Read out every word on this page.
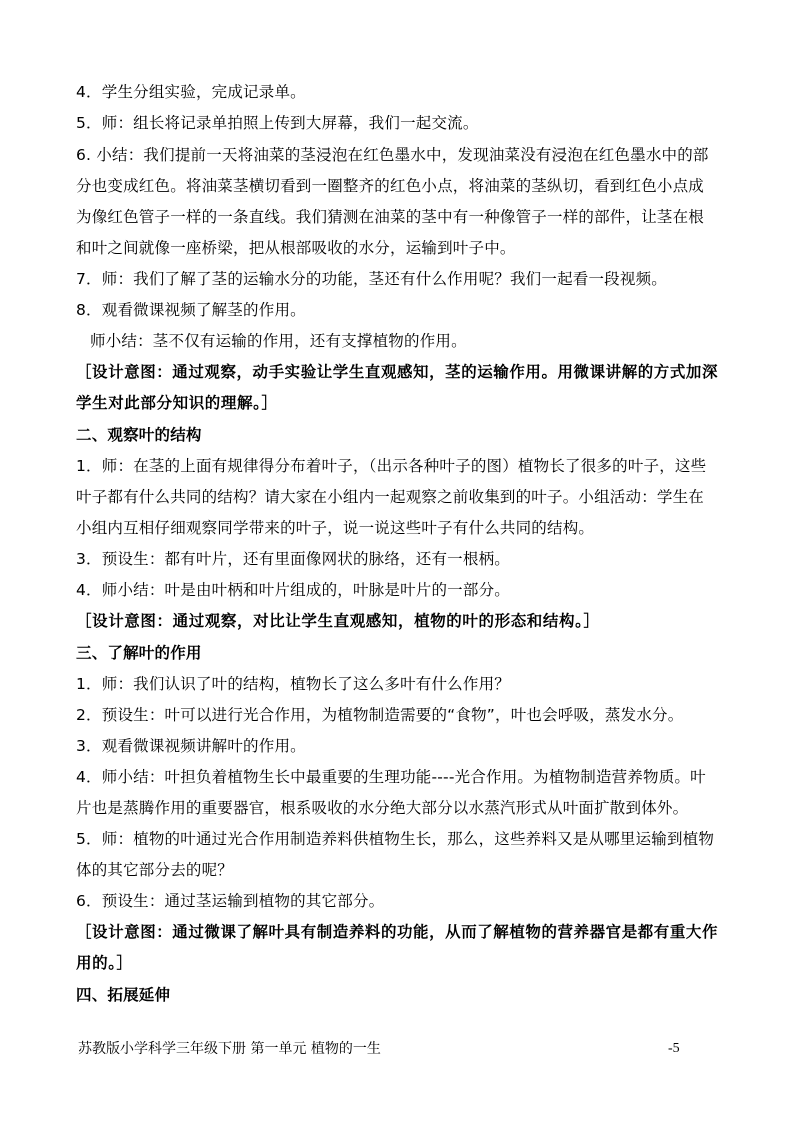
4．学生分组实验，完成记录单。
5．师：组长将记录单拍照上传到大屏幕，我们一起交流。
6. 小结：我们提前一天将油菜的茎浸泡在红色墨水中，发现油菜没有浸泡在红色墨水中的部
分也变成红色。将油菜茎横切看到一圈整齐的红色小点，将油菜的茎纵切，看到红色小点成
为像红色管子一样的一条直线。我们猜测在油菜的茎中有一种像管子一样的部件，让茎在根
和叶之间就像一座桥梁，把从根部吸收的水分，运输到叶子中。
7．师：我们了解了茎的运输水分的功能，茎还有什么作用呢？我们一起看一段视频。
8．观看微课视频了解茎的作用。
师小结：茎不仅有运输的作用，还有支撑植物的作用。
［设计意图：通过观察，动手实验让学生直观感知，茎的运输作用。用微课讲解的方式加深
学生对此部分知识的理解。］
二、观察叶的结构
1．师：在茎的上面有规律得分布着叶子，（出示各种叶子的图）植物长了很多的叶子，这些
叶子都有什么共同的结构？请大家在小组内一起观察之前收集到的叶子。小组活动：学生在
小组内互相仔细观察同学带来的叶子，说一说这些叶子有什么共同的结构。
3．预设生：都有叶片，还有里面像网状的脉络，还有一根柄。
4．师小结：叶是由叶柄和叶片组成的，叶脉是叶片的一部分。
［设计意图：通过观察，对比让学生直观感知，植物的叶的形态和结构。］
三、了解叶的作用
1．师：我们认识了叶的结构，植物长了这么多叶有什么作用？
2．预设生：叶可以进行光合作用，为植物制造需要的“食物”，叶也会呼吸，蒸发水分。
3．观看微课视频讲解叶的作用。
4．师小结：叶担负着植物生长中最重要的生理功能----光合作用。为植物制造营养物质。叶
片也是蒸腾作用的重要器官，根系吸收的水分绝大部分以水蒸汽形式从叶面扩散到体外。
5．师：植物的叶通过光合作用制造养料供植物生长，那么，这些养料又是从哪里运输到植物
体的其它部分去的呢？
6．预设生：通过茎运输到植物的其它部分。
［设计意图：通过微课了解叶具有制造养料的功能，从而了解植物的营养器官是都有重大作
用的。］
四、拓展延伸
苏教版小学科学三年级下册 第一单元 植物的一生	-5
